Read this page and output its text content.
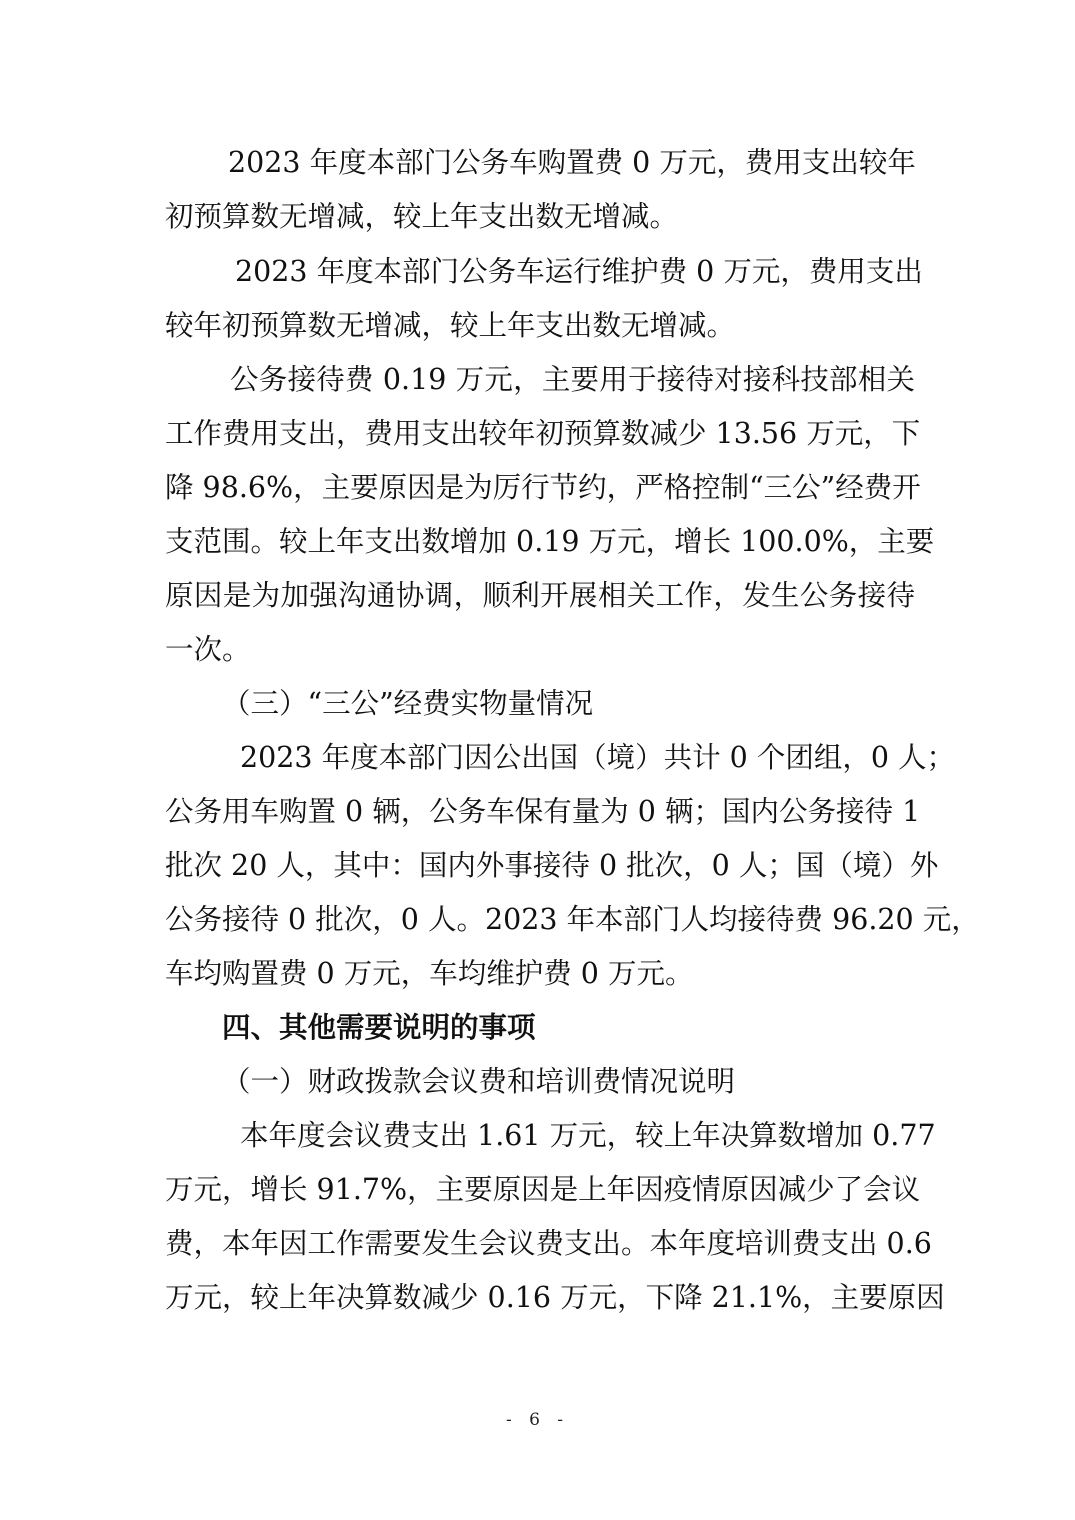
2023 年度本部门公务车购置费 0 万元，费用支出较年
初预算数无增减，较上年支出数无增减。
2023 年度本部门公务车运行维护费 0 万元，费用支出
较年初预算数无增减，较上年支出数无增减。
公务接待费 0.19 万元，主要用于接待对接科技部相关
工作费用支出，费用支出较年初预算数减少 13.56 万元，下
降 98.6%，主要原因是为厉行节约，严格控制“三公”经费开
支范围。较上年支出数增加 0.19 万元，增长 100.0%，主要
原因是为加强沟通协调，顺利开展相关工作，发生公务接待
一次。
（三）“三公”经费实物量情况
2023 年度本部门因公出国（境）共计 0 个团组，0 人；
公务用车购置 0 辆，公务车保有量为 0 辆；国内公务接待 1
批次 20 人，其中：国内外事接待 0 批次，0 人；国（境）外
公务接待 0 批次，0 人。2023 年本部门人均接待费 96.20 元，
车均购置费 0 万元，车均维护费 0 万元。
四、其他需要说明的事项
（一）财政拨款会议费和培训费情况说明
本年度会议费支出 1.61 万元，较上年决算数增加 0.77
万元，增长 91.7%，主要原因是上年因疫情原因减少了会议
费，本年因工作需要发生会议费支出。本年度培训费支出 0.6
万元，较上年决算数减少 0.16 万元，下降 21.1%，主要原因
- 6 -
